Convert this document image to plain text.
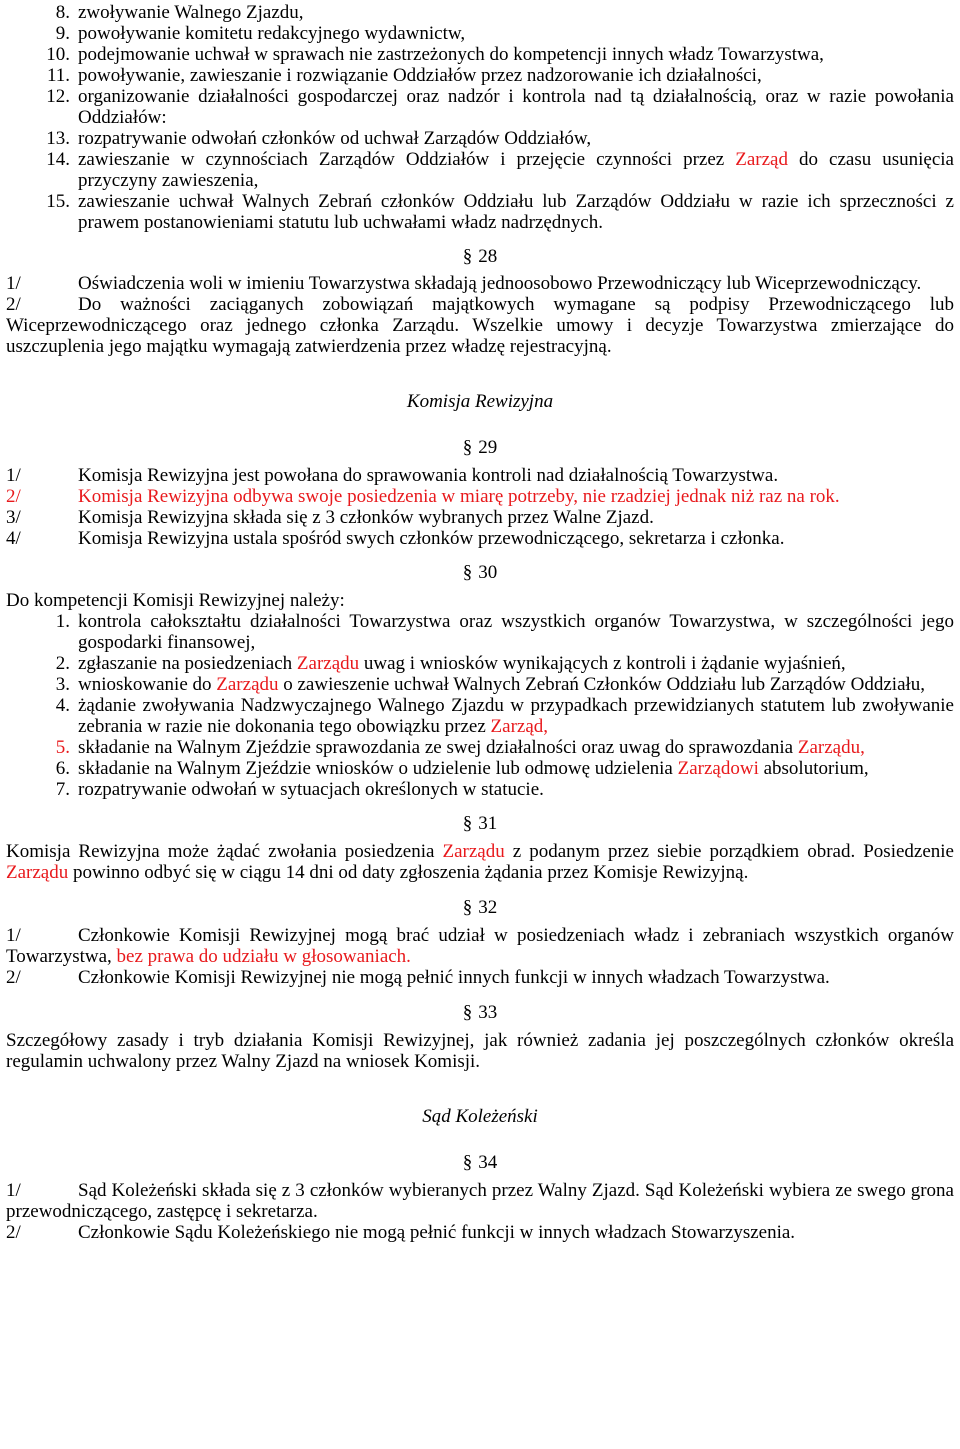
8. zwoływanie Walnego Zjazdu,
9. powoływanie komitetu redakcyjnego wydawnictw,
10. podejmowanie uchwał w sprawach nie zastrzeżonych do kompetencji innych władz Towarzystwa,
11. powoływanie, zawieszanie i rozwiązanie Oddziałów przez nadzorowanie ich działalności,
12. organizowanie działalności gospodarczej oraz nadzór i kontrola nad tą działalnością, oraz w razie powołania Oddziałów:
13. rozpatrywanie odwołań członków od uchwał Zarządów Oddziałów,
14. zawieszanie w czynnościach Zarządów Oddziałów i przejęcie czynności przez Zarząd do czasu usunięcia przyczyny zawieszenia,
15. zawieszanie uchwał Walnych Zebrań członków Oddziału lub Zarządów Oddziału w razie ich sprzeczności z prawem postanowieniami statutu lub uchwałami władz nadrzędnych.
§ 28
1/	Oświadczenia woli w imieniu Towarzystwa składają jednoosobowo Przewodniczący lub Wiceprzewodniczący.
2/	Do ważności zaciąganych zobowiązań majątkowych wymagane są podpisy Przewodniczącego lub Wiceprzewodniczącego oraz jednego członka Zarządu. Wszelkie umowy i decyzje Towarzystwa zmierzające do uszczuplenia jego majątku wymagają zatwierdzenia przez władzę rejestracyjną.
Komisja Rewizyjna
§ 29
1/	Komisja Rewizyjna jest powołana do sprawowania kontroli nad działalnością Towarzystwa.
2/	Komisja Rewizyjna odbywa swoje posiedzenia w miarę potrzeby, nie rzadziej jednak niż raz na rok.
3/	Komisja Rewizyjna składa się z 3 członków wybranych przez Walne Zjazd.
4/	Komisja Rewizyjna ustala spośród swych członków przewodniczącego, sekretarza i członka.
§ 30
Do kompetencji Komisji Rewizyjnej należy:
1. kontrola całokształtu działalności Towarzystwa oraz wszystkich organów Towarzystwa, w szczególności jego gospodarki finansowej,
2. zgłaszanie na posiedzeniach Zarządu uwag i wniosków wynikających z kontroli i żądanie wyjaśnień,
3. wnioskowanie do Zarządu o zawieszenie uchwał Walnych Zebrań Członków Oddziału lub Zarządów Oddziału,
4. żądanie zwoływania Nadzwyczajnego Walnego Zjazdu w przypadkach przewidzianych statutem lub zwoływanie zebrania w razie nie dokonania tego obowiązku przez Zarząd,
5. składanie na Walnym Zjeździe sprawozdania ze swej działalności oraz uwag do sprawozdania Zarządu,
6. składanie na Walnym Zjeździe wniosków o udzielenie lub odmowę udzielenia Zarządowi absolutorium,
7. rozpatrywanie odwołań w sytuacjach określonych w statucie.
§ 31
Komisja Rewizyjna może żądać zwołania posiedzenia Zarządu z podanym przez siebie porządkiem obrad. Posiedzenie Zarządu powinno odbyć się w ciągu 14 dni od daty zgłoszenia żądania przez Komisje Rewizyjną.
§ 32
1/	Członkowie Komisji Rewizyjnej mogą brać udział w posiedzeniach władz i zebraniach wszystkich organów Towarzystwa, bez prawa do udziału w głosowaniach.
2/	Członkowie Komisji Rewizyjnej nie mogą pełnić innych funkcji w innych władzach Towarzystwa.
§ 33
Szczegółowy zasady i tryb działania Komisji Rewizyjnej, jak również zadania jej poszczególnych członków określa regulamin uchwalony przez Walny Zjazd na wniosek Komisji.
Sąd Koleżeński
§ 34
1/	Sąd Koleżeński składa się z 3 członków wybieranych przez Walny Zjazd. Sąd Koleżeński wybiera ze swego grona przewodniczącego, zastępcę i sekretarza.
2/	Członkowie Sądu Koleżeńskiego nie mogą pełnić funkcji w innych władzach Stowarzyszenia.
